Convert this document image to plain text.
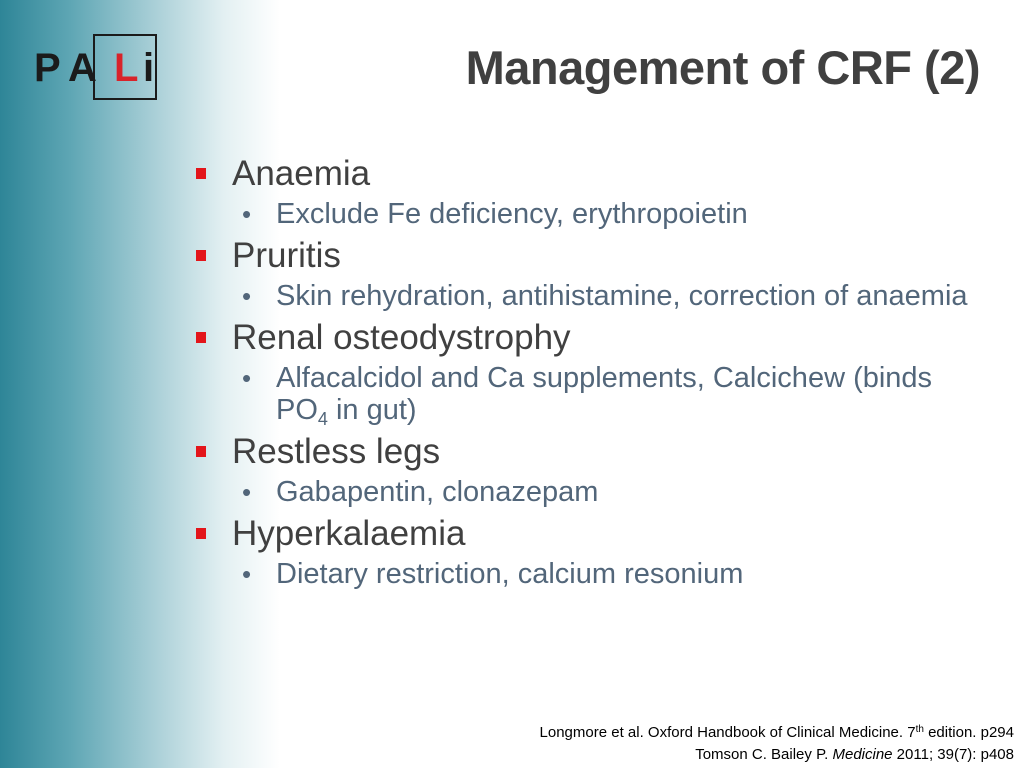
P A L i	Management of CRF (2)
Anaemia
• Exclude Fe deficiency, erythropoietin
Pruritis
• Skin rehydration, antihistamine, correction of anaemia
Renal osteodystrophy
• Alfacalcidol and Ca supplements, Calcichew (binds $PO_4$ in gut)
Restless legs
• Gabapentin, clonazepam
Hyperkalaemia
• Dietary restriction, calcium resonium
Longmore et al. Oxford Handbook of Clinical Medicine. 7th edition. p294
Tomson C. Bailey P. Medicine 2011; 39(7): p408
